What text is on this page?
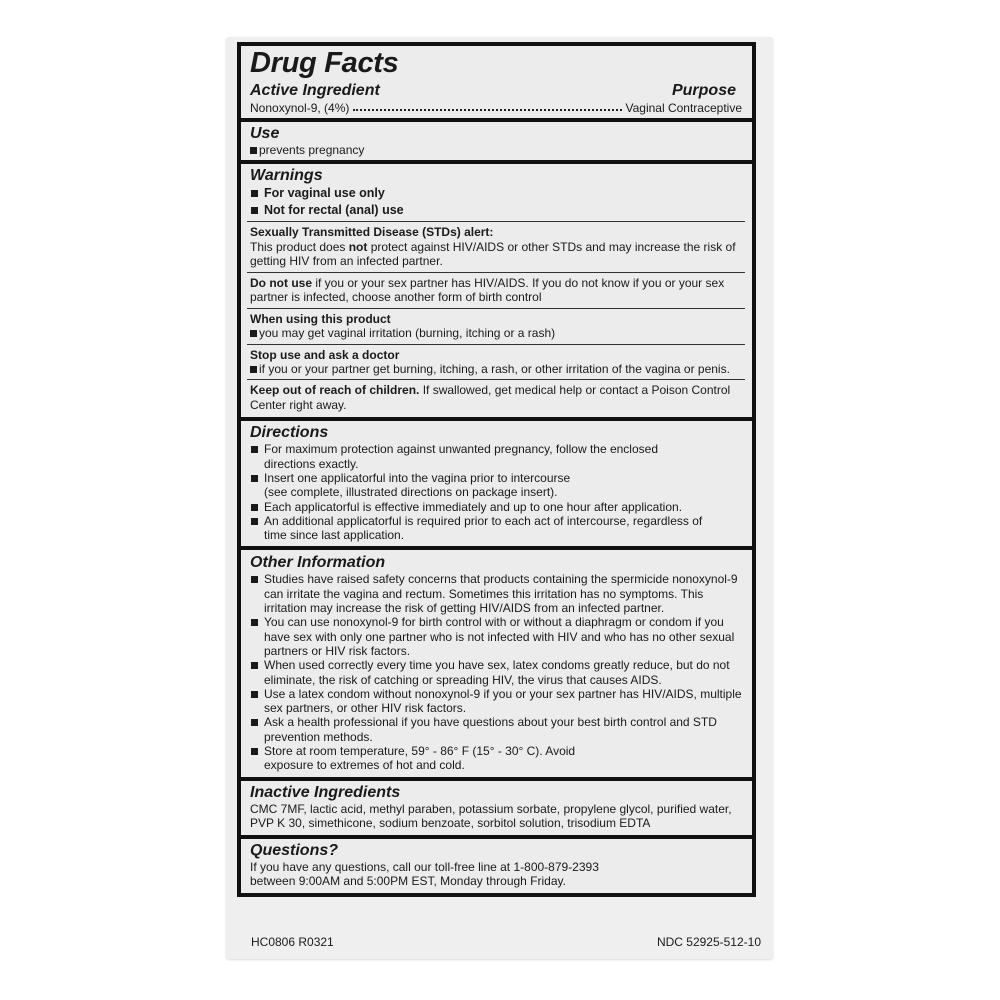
Drug Facts
Active Ingredient	Purpose
Nonoxynol-9, (4%)	Vaginal Contraceptive
Use
prevents pregnancy
Warnings
For vaginal use only
Not for rectal (anal) use
Sexually Transmitted Disease (STDs) alert:
This product does not protect against HIV/AIDS or other STDs and may increase the risk of getting HIV from an infected partner.
Do not use if you or your sex partner has HIV/AIDS. If you do not know if you or your sex partner is infected, choose another form of birth control
When using this product
you may get vaginal irritation (burning, itching or a rash)
Stop use and ask a doctor
if you or your partner get burning, itching, a rash, or other irritation of the vagina or penis.
Keep out of reach of children. If swallowed, get medical help or contact a Poison Control Center right away.
Directions
For maximum protection against unwanted pregnancy, follow the enclosed directions exactly.
Insert one applicatorful into the vagina prior to intercourse (see complete, illustrated directions on package insert).
Each applicatorful is effective immediately and up to one hour after application.
An additional applicatorful is required prior to each act of intercourse, regardless of time since last application.
Other Information
Studies have raised safety concerns that products containing the spermicide nonoxynol-9 can irritate the vagina and rectum. Sometimes this irritation has no symptoms. This irritation may increase the risk of getting HIV/AIDS from an infected partner.
You can use nonoxynol-9 for birth control with or without a diaphragm or condom if you have sex with only one partner who is not infected with HIV and who has no other sexual partners or HIV risk factors.
When used correctly every time you have sex, latex condoms greatly reduce, but do not eliminate, the risk of catching or spreading HIV, the virus that causes AIDS.
Use a latex condom without nonoxynol-9 if you or your sex partner has HIV/AIDS, multiple sex partners, or other HIV risk factors.
Ask a health professional if you have questions about your best birth control and STD prevention methods.
Store at room temperature, 59° - 86° F (15° - 30° C). Avoid exposure to extremes of hot and cold.
Inactive Ingredients
CMC 7MF, lactic acid, methyl paraben, potassium sorbate, propylene glycol, purified water, PVP K 30, simethicone, sodium benzoate, sorbitol solution, trisodium EDTA
Questions?
If you have any questions, call our toll-free line at 1-800-879-2393 between 9:00AM and 5:00PM EST, Monday through Friday.
HC0806 R0321	NDC 52925-512-10
